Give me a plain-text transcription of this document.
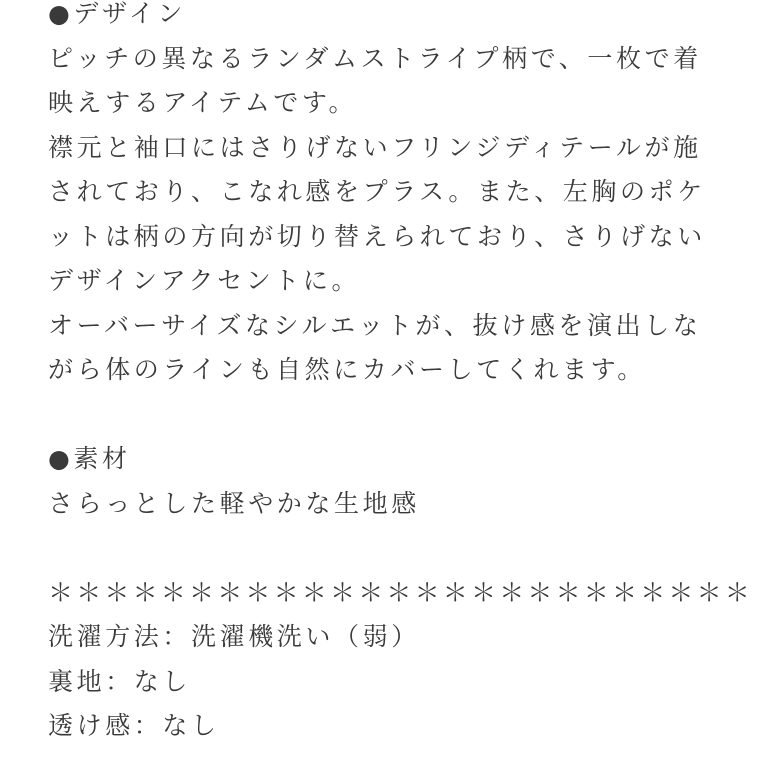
●デザイン
ピッチの異なるランダムストライプ柄で、一枚で着
映えするアイテムです。
襟元と袖口にはさりげないフリンジディテールが施
されており、こなれ感をプラス。また、左胸のポケ
ットは柄の方向が切り替えられており、さりげない
デザインアクセントに。
オーバーサイズなシルエットが、抜け感を演出しな
がら体のラインも自然にカバーしてくれます。
●素材
さらっとした軽やかな生地感
＊＊＊＊＊＊＊＊＊＊＊＊＊＊＊＊＊＊＊＊＊＊＊＊＊
洗濯方法：洗濯機洗い（弱）
裏地：なし
透け感：なし
